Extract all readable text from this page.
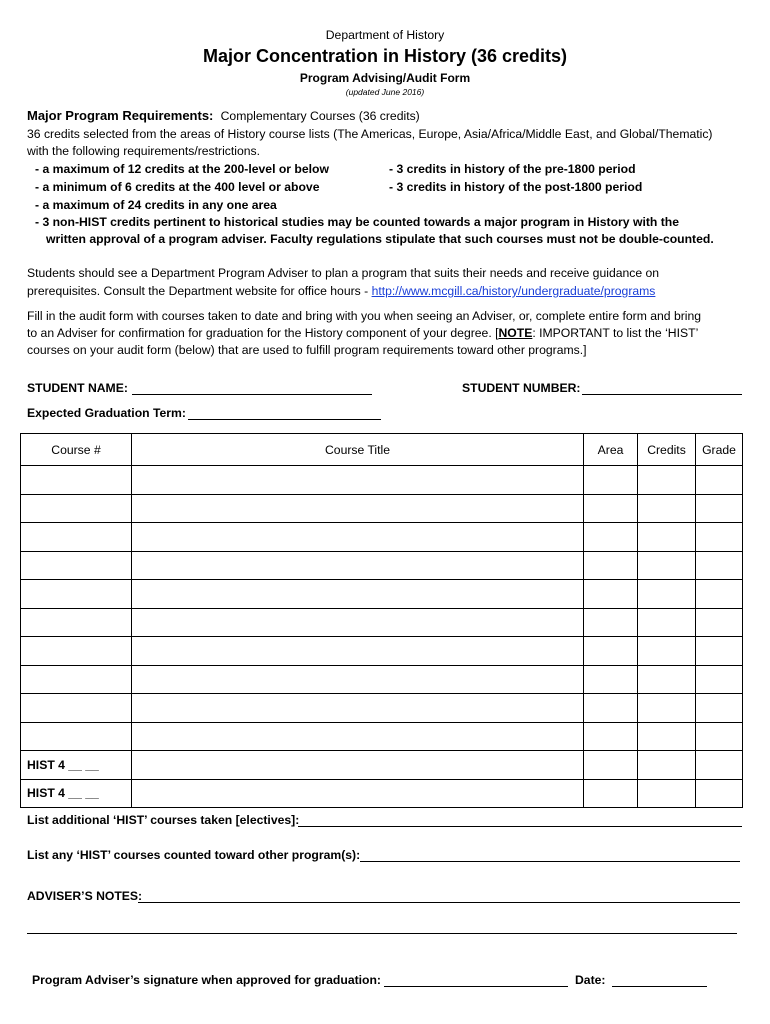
Department of History
Major Concentration in History (36 credits)
Program Advising/Audit Form
(updated June 2016)
Major Program Requirements: Complementary Courses (36 credits)
36 credits selected from the areas of History course lists (The Americas, Europe, Asia/Africa/Middle East, and Global/Thematic)
with the following requirements/restrictions.
- a maximum of 12 credits at the 200-level or below
- a minimum of 6 credits at the 400 level or above
- a maximum of 24 credits in any one area
- 3 credits in history of the pre-1800 period
- 3 credits in history of the post-1800 period
- 3 non-HIST credits pertinent to historical studies may be counted towards a major program in History with the
written approval of a program adviser. Faculty regulations stipulate that such courses must not be double-counted.
Students should see a Department Program Adviser to plan a program that suits their needs and receive guidance on
prerequisites. Consult the Department website for office hours - http://www.mcgill.ca/history/undergraduate/programs
Fill in the audit form with courses taken to date and bring with you when seeing an Adviser, or, complete entire form and bring
to an Adviser for confirmation for graduation for the History component of your degree. [NOTE: IMPORTANT to list the ‘HIST’
courses on your audit form (below) that are used to fulfill program requirements toward other programs.]
STUDENT NAME:	STUDENT NUMBER:
Expected Graduation Term:
Course #	Course Title	Area	Credits	Grade

HIST 4 __ __				
HIST 4 __ __				
List additional ‘HIST’ courses taken [electives]:
List any ‘HIST’ courses counted toward other program(s):
ADVISER’S NOTES:
Program Adviser’s signature when approved for graduation:	Date:
